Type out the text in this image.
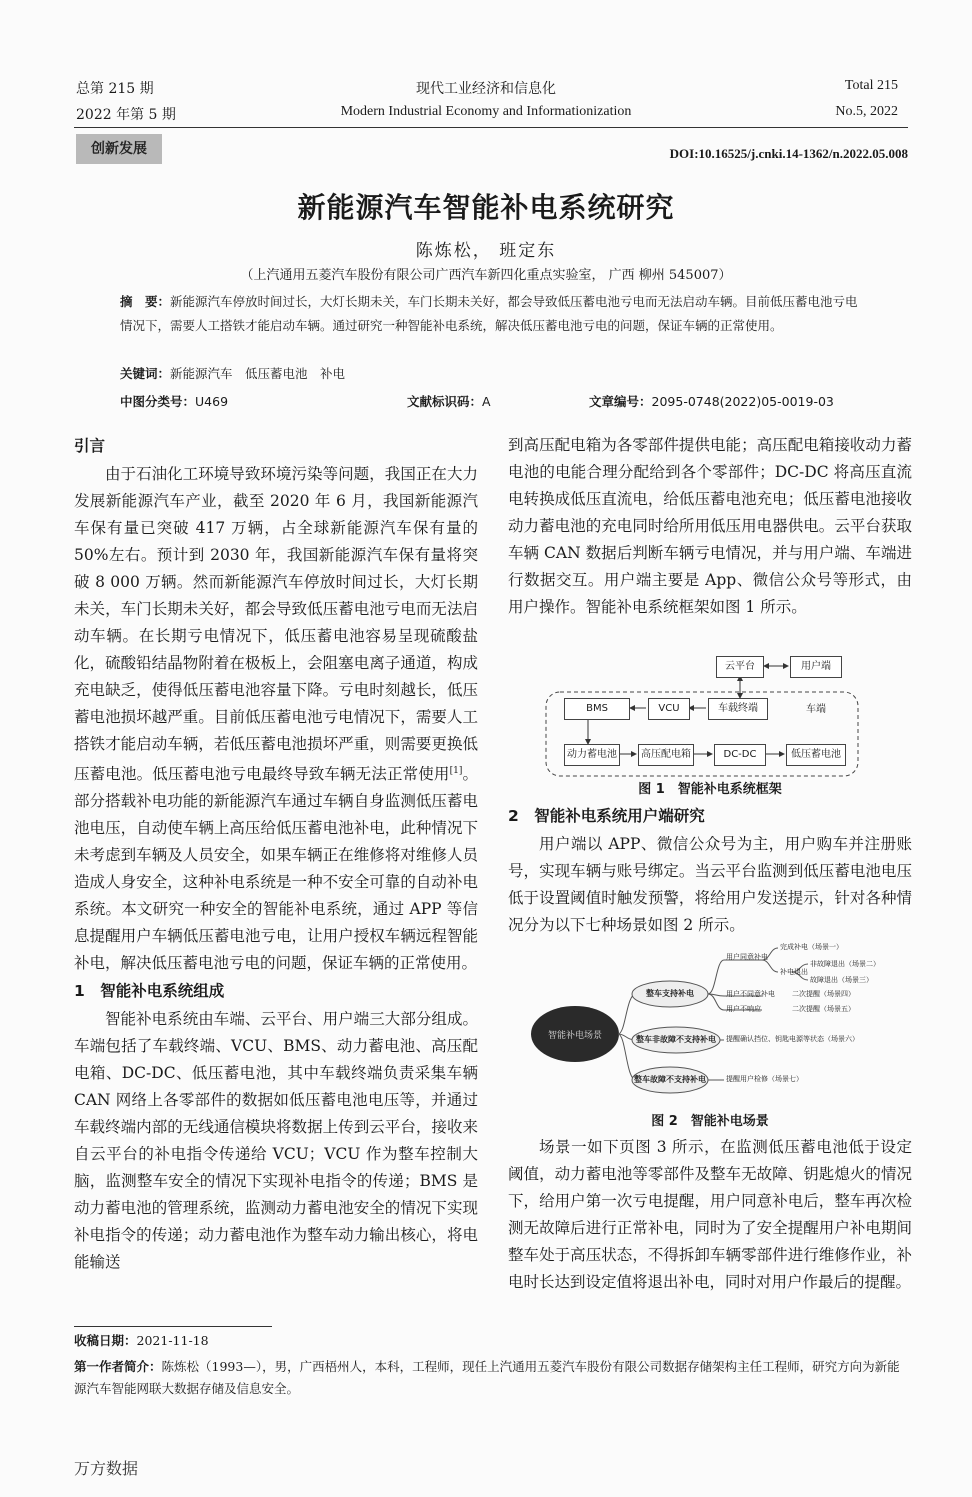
总第 215 期
2022 年第 5 期
现代工业经济和信息化
Modern Industrial Economy and Informationization
Total 215
No.5, 2022
创新发展	DOI:10.16525/j.cnki.14-1362/n.2022.05.008
新能源汽车智能补电系统研究
陈炼松， 班定东
（上汽通用五菱汽车股份有限公司广西汽车新四化重点实验室， 广西 柳州 545007）
摘　要：新能源汽车停放时间过长，大灯长期未关，车门长期未关好，都会导致低压蓄电池亏电而无法启动车辆。目前低压蓄电池亏电情况下，需要人工搭铁才能启动车辆。通过研究一种智能补电系统，解决低压蓄电池亏电的问题，保证车辆的正常使用。
关键词：新能源汽车　低压蓄电池　补电
中图分类号：U469	文献标识码：A	文章编号：2095-0748(2022)05-0019-03
引言

由于石油化工环境导致环境污染等问题，我国正在大力发展新能源汽车产业，截至 2020 年 6 月，我国新能源汽车保有量已突破 417 万辆，占全球新能源汽车保有量的 50%左右。预计到 2030 年，我国新能源汽车保有量将突破 8 000 万辆。然而新能源汽车停放时间过长，大灯长期未关，车门长期未关好，都会导致低压蓄电池亏电而无法启动车辆。在长期亏电情况下，低压蓄电池容易呈现硫酸盐化，硫酸铅结晶物附着在极板上，会阻塞电离子通道，构成充电缺乏，使得低压蓄电池容量下降。亏电时刻越长，低压蓄电池损坏越严重。目前低压蓄电池亏电情况下，需要人工搭铁才能启动车辆，若低压蓄电池损坏严重，则需要更换低压蓄电池。低压蓄电池亏电最终导致车辆无法正常使用[1]。部分搭载补电功能的新能源汽车通过车辆自身监测低压蓄电池电压，自动使车辆上高压给低压蓄电池补电，此种情况下未考虑到车辆及人员安全，如果车辆正在维修将对维修人员造成人身安全，这种补电系统是一种不安全可靠的自动补电系统。本文研究一种安全的智能补电系统，通过 APP 等信息提醒用户车辆低压蓄电池亏电，让用户授权车辆远程智能补电，解决低压蓄电池亏电的问题，保证车辆的正常使用。

1　智能补电系统组成

智能补电系统由车端、云平台、用户端三大部分组成。车端包括了车载终端、VCU、BMS、动力蓄电池、高压配电箱、DC-DC、低压蓄电池，其中车载终端负责采集车辆 CAN 网络上各零部件的数据如低压蓄电池电压等，并通过车载终端内部的无线通信模块将数据上传到云平台，接收来自云平台的补电指令传递给 VCU；VCU 作为整车控制大脑，监测整车安全的情况下实现补电指令的传递；BMS 是动力蓄电池的管理系统，监测动力蓄电池安全的情况下实现补电指令的传递；动力蓄电池作为整车动力输出核心，将电能输送

到高压配电箱为各零部件提供电能；高压配电箱接收动力蓄电池的电能合理分配给到各个零部件；DC-DC 将高压直流电转换成低压直流电，给低压蓄电池充电；低压蓄电池接收动力蓄电池的充电同时给所用低压用电器供电。云平台获取车辆 CAN 数据后判断车辆亏电情况，并与用户端、车端进行数据交互。用户端主要是 App、微信公众号等形式，由用户操作。智能补电系统框架如图 1 所示。

云平台	用户端
BMS	VCU	车载终端	车端
动力蓄电池	高压配电箱	DC-DC	低压蓄电池
图 1　智能补电系统框架
2　智能补电系统用户端研究

用户端以 APP、微信公众号为主，用户购车并注册账号，实现车辆与账号绑定。当云平台监测到低压蓄电池电压低于设置阈值时触发预警，将给用户发送提示，针对各种情况分为以下七种场景如图 2 所示。

智能补电场景
整车支持补电
整车非故障不支持补电
整车故障不支持补电
用户同意补电
完成补电（场景一）
补电退出
非故障退出（场景二）
故障退出（场景三）
用户不同意补电 二次提醒（场景四）
用户不响应	二次提醒（场景五）
提醒确认挡位、钥匙电源等状态（场景六）
提醒用户检修（场景七）
图 2　智能补电场景

场景一如下页图 3 所示，在监测低压蓄电池低于设定阈值，动力蓄电池等零部件及整车无故障、钥匙熄火的情况下，给用户第一次亏电提醒，用户同意补电后，整车再次检测无故障后进行正常补电，同时为了安全提醒用户补电期间整车处于高压状态，不得拆卸车辆零部件进行维修作业，补电时长达到设定值将退出补电，同时对用户作最后的提醒。

收稿日期：2021-11-18
第一作者简介：陈炼松（1993—），男，广西梧州人，本科，工程师，现任上汽通用五菱汽车股份有限公司数据存储架构主任工程师，研究方向为新能源汽车智能网联大数据存储及信息安全。
万方数据
